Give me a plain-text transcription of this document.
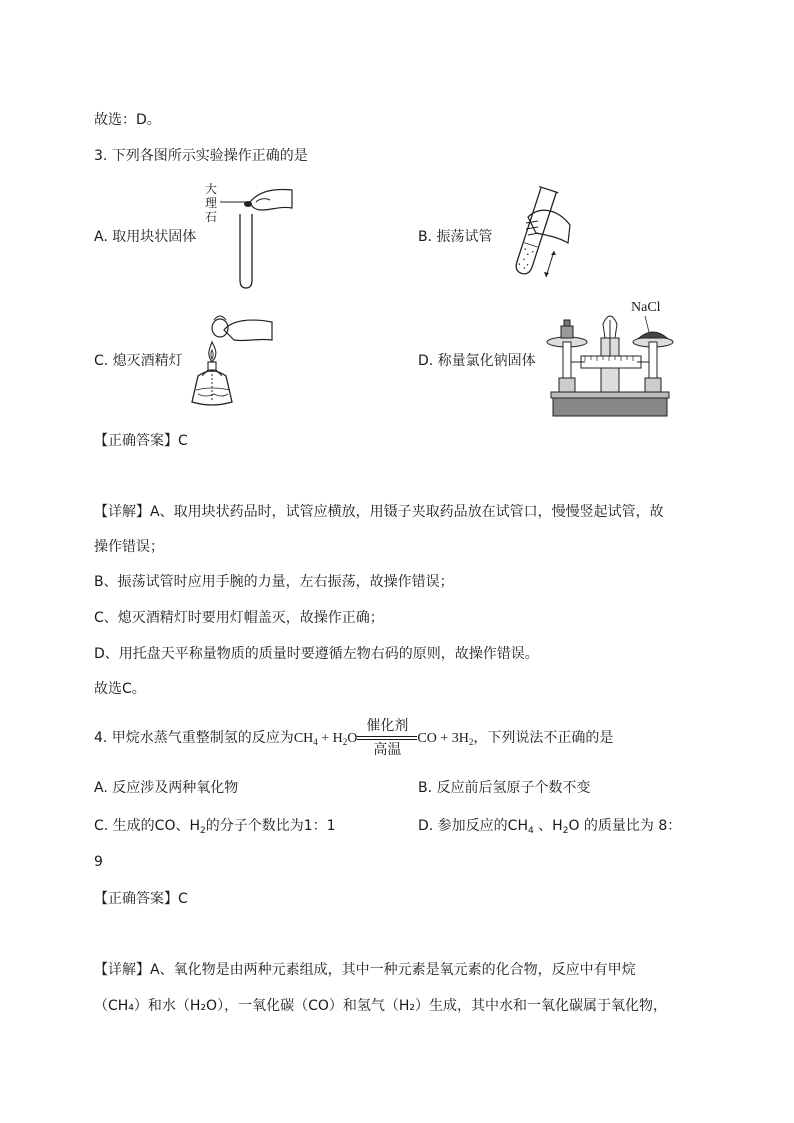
故选：D。
3. 下列各图所示实验操作正确的是
A. 取用块状固体
大
理
石
B. 振荡试管
C. 熄灭酒精灯	D. 称量氯化钠固体
NaCl
【正确答案】C
【详解】A、取用块状药品时，试管应横放，用镊子夹取药品放在试管口，慢慢竖起试管，故
操作错误；
B、振荡试管时应用手腕的力量，左右振荡，故操作错误；
C、熄灭酒精灯时要用灯帽盖灭，故操作正确；
D、用托盘天平称量物质的质量时要遵循左物右码的原则，故操作错误。
故选C。
4. 甲烷水蒸气重整制氢的反应为$CH_4 + H_2O$
催化剂
高温
CO + $3H_2$，下列说法不正确的是
A. 反应涉及两种氧化物	B. 反应前后氢原子个数不变
C. 生成的CO、$H_2$的分子个数比为1：1	D. 参加反应的$CH_4$ 、$H_2O$ 的质量比为 8：
9
【正确答案】C
【详解】A、氧化物是由两种元素组成，其中一种元素是氧元素的化合物，反应中有甲烷
（CH₄）和水（H₂O），一氧化碳（CO）和氢气（H₂）生成，其中水和一氧化碳属于氧化物，
